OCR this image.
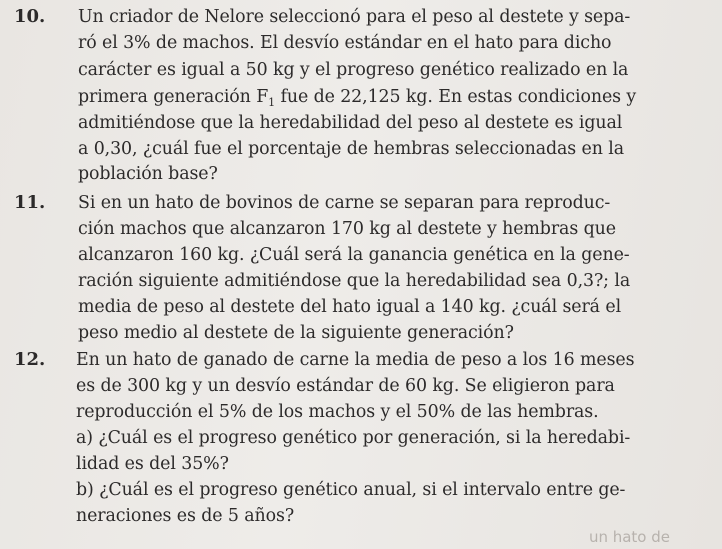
10. Un criador de Nelore seleccionó para el peso al destete y sepa-
ró el 3% de machos. El desvío estándar en el hato para dicho
carácter es igual a 50 kg y el progreso genético realizado en la
primera generación $F_1$ fue de 22,125 kg. En estas condiciones y
admitiéndose que la heredabilidad del peso al destete es igual
a 0,30, ¿cuál fue el porcentaje de hembras seleccionadas en la
población base?
11. Si en un hato de bovinos de carne se separan para reproduc-
ción machos que alcanzaron 170 kg al destete y hembras que
alcanzaron 160 kg. ¿Cuál será la ganancia genética en la gene-
ración siguiente admitiéndose que la heredabilidad sea 0,3?; la
media de peso al destete del hato igual a 140 kg. ¿cuál será el
peso medio al destete de la siguiente generación?
12. En un hato de ganado de carne la media de peso a los 16 meses
es de 300 kg y un desvío estándar de 60 kg. Se eligieron para
reproducción el 5% de los machos y el 50% de las hembras.
a) ¿Cuál es el progreso genético por generación, si la heredabi-
lidad es del 35%?
b) ¿Cuál es el progreso genético anual, si el intervalo entre ge-
neraciones es de 5 años?
un hato de
